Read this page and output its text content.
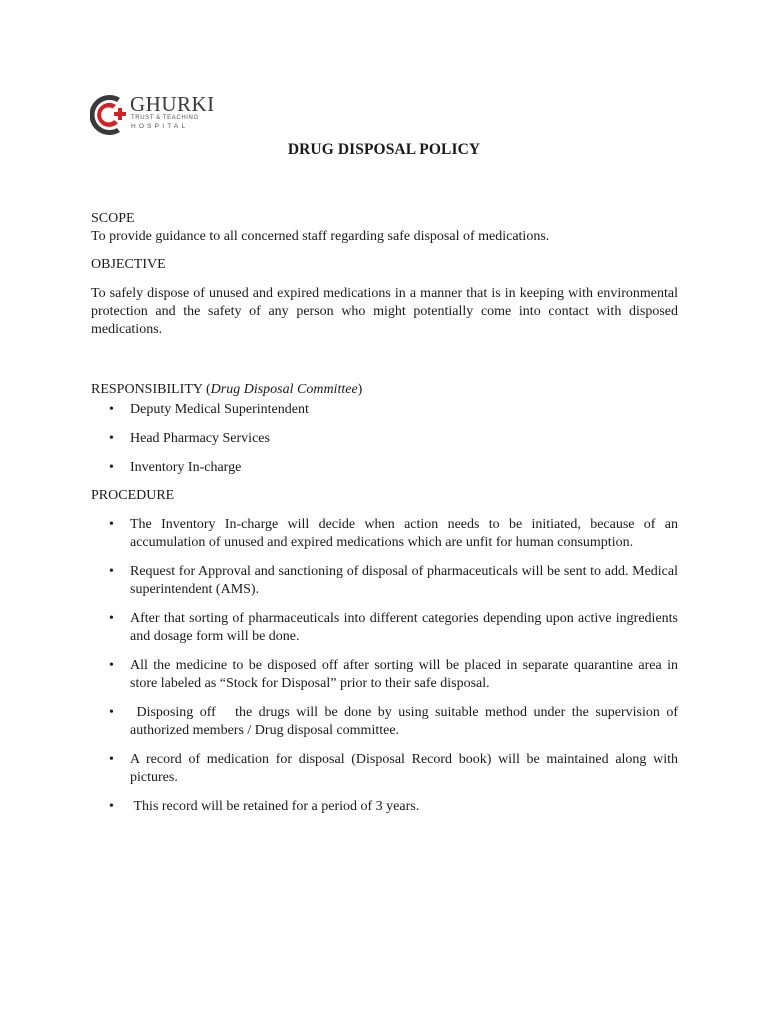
GHURKI
TRUST & TEACHING
HOSPITAL
DRUG DISPOSAL POLICY
SCOPE
To provide guidance to all concerned staff regarding safe disposal of medications.
OBJECTIVE
To safely dispose of unused and expired medications in a manner that is in keeping with environmental protection and the safety of any person who might potentially come into contact with disposed medications.
RESPONSIBILITY (Drug Disposal Committee)
• Deputy Medical Superintendent
• Head Pharmacy Services
• Inventory In-charge
PROCEDURE
• The Inventory In-charge will decide when action needs to be initiated, because of an accumulation of unused and expired medications which are unfit for human consumption.
• Request for Approval and sanctioning of disposal of pharmaceuticals will be sent to add. Medical superintendent (AMS).
• After that sorting of pharmaceuticals into different categories depending upon active ingredients and dosage form will be done.
• All the medicine to be disposed off after sorting will be placed in separate quarantine area in store labeled as “Stock for Disposal” prior to their safe disposal.
• Disposing off   the drugs will be done by using suitable method under the supervision of authorized members / Drug disposal committee.
• A record of medication for disposal (Disposal Record book) will be maintained along with pictures.
• This record will be retained for a period of 3 years.
